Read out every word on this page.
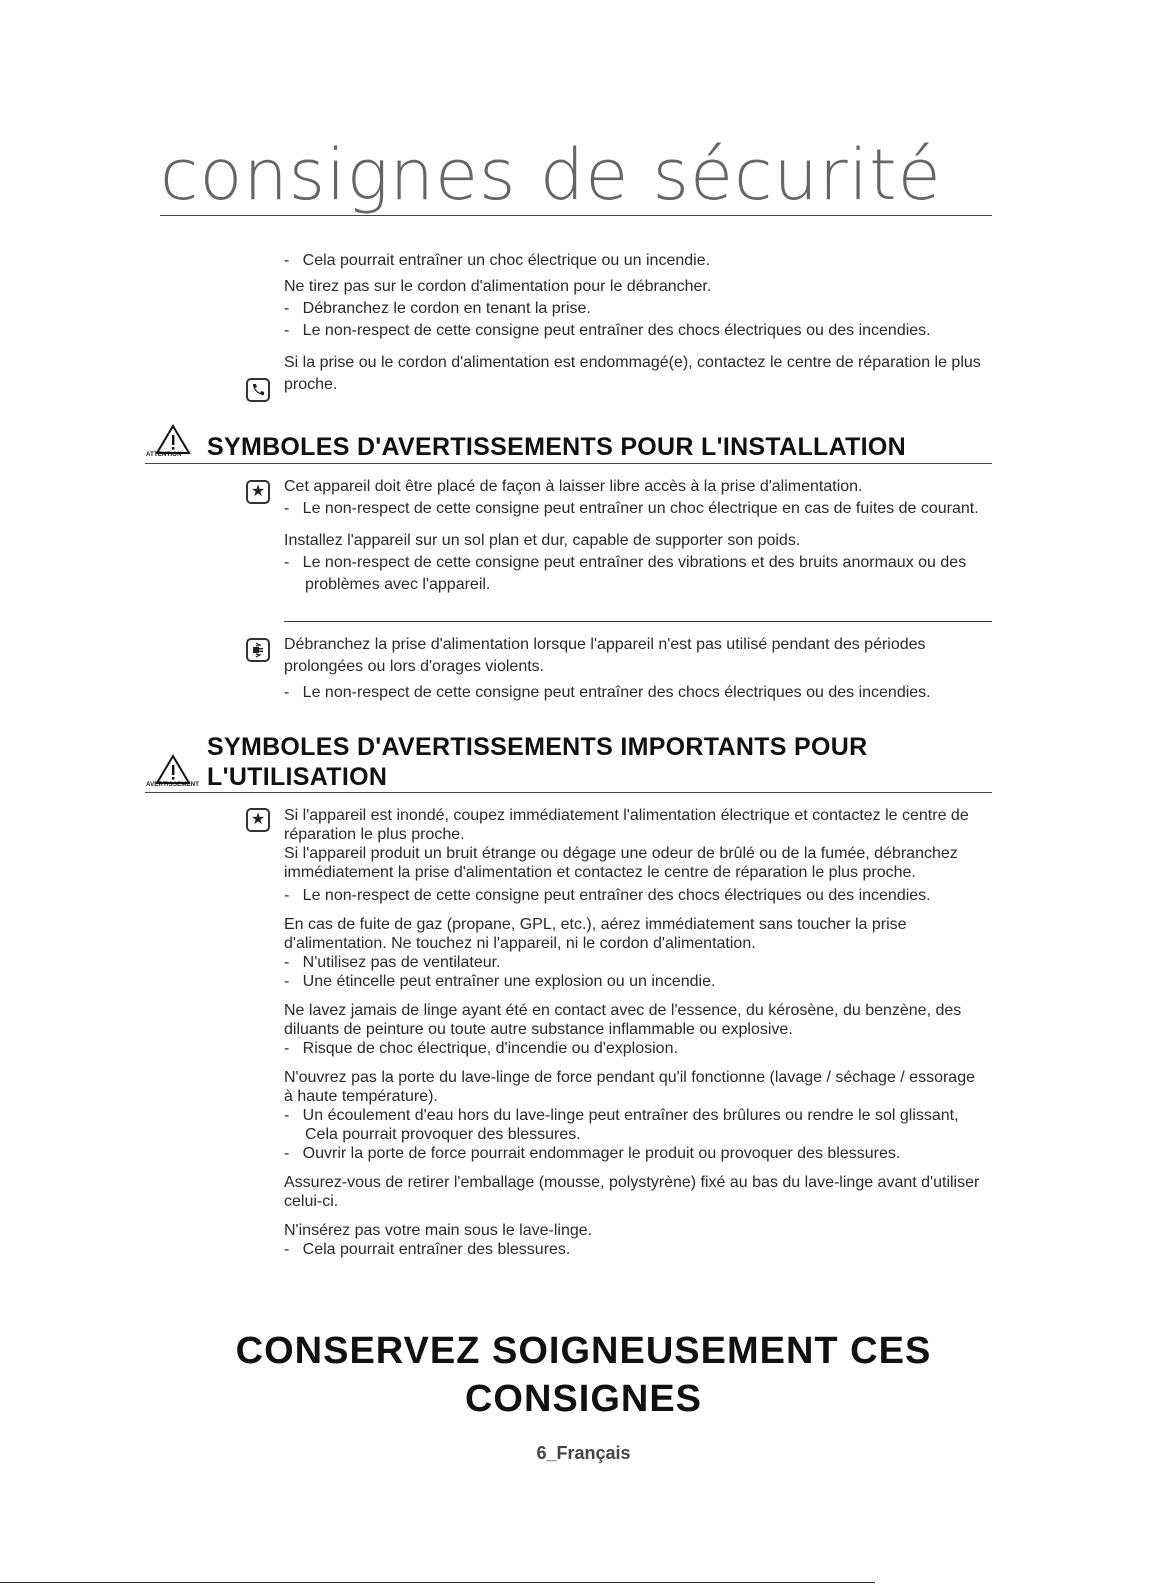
consignes de sécurité

-   Cela pourrait entraîner un choc électrique ou un incendie.

Ne tirez pas sur le cordon d'alimentation pour le débrancher.

-   Débranchez le cordon en tenant la prise.

-   Le non-respect de cette consigne peut entraîner des chocs électriques ou des incendies.

Si la prise ou le cordon d'alimentation est endommagé(e), contactez le centre de réparation le plus proche.

ATTENTION SYMBOLES D'AVERTISSEMENTS POUR L'INSTALLATION

Cet appareil doit être placé de façon à laisser libre accès à la prise d'alimentation.

-   Le non-respect de cette consigne peut entraîner un choc électrique en cas de fuites de courant.

Installez l'appareil sur un sol plan et dur, capable de supporter son poids.

-   Le non-respect de cette consigne peut entraîner des vibrations et des bruits anormaux ou des problèmes avec l'appareil.

★

Débranchez la prise d'alimentation lorsque l'appareil n'est pas utilisé pendant des périodes prolongées ou lors d'orages violents.

-   Le non-respect de cette consigne peut entraîner des chocs électriques ou des incendies.

AVERTISSEMENT
SYMBOLES D'AVERTISSEMENTS IMPORTANTS POUR
L'UTILISATION

Si l'appareil est inondé, coupez immédiatement l'alimentation électrique et contactez le centre de réparation le plus proche.

Si l'appareil produit un bruit étrange ou dégage une odeur de brûlé ou de la fumée, débranchez immédiatement la prise d'alimentation et contactez le centre de réparation le plus proche.

-   Le non-respect de cette consigne peut entraîner des chocs électriques ou des incendies.

En cas de fuite de gaz (propane, GPL, etc.), aérez immédiatement sans toucher la prise d'alimentation. Ne touchez ni l'appareil, ni le cordon d'alimentation.

-   N'utilisez pas de ventilateur.

-   Une étincelle peut entraîner une explosion ou un incendie.

Ne lavez jamais de linge ayant été en contact avec de l'essence, du kérosène, du benzène, des diluants de peinture ou toute autre substance inflammable ou explosive.

-   Risque de choc électrique, d'incendie ou d'explosion.

N'ouvrez pas la porte du lave-linge de force pendant qu'il fonctionne (lavage / séchage / essorage à haute température).

-   Un écoulement d'eau hors du lave-linge peut entraîner des brûlures ou rendre le sol glissant,

Cela pourrait provoquer des blessures.

-   Ouvrir la porte de force pourrait endommager le produit ou provoquer des blessures.

Assurez-vous de retirer l'emballage (mousse, polystyrène) fixé au bas du lave-linge avant d'utiliser celui-ci.

N'insérez pas votre main sous le lave-linge.

-   Cela pourrait entraîner des blessures.

★
CONSERVEZ SOIGNEUSEMENT CES
CONSIGNES
6_Français
